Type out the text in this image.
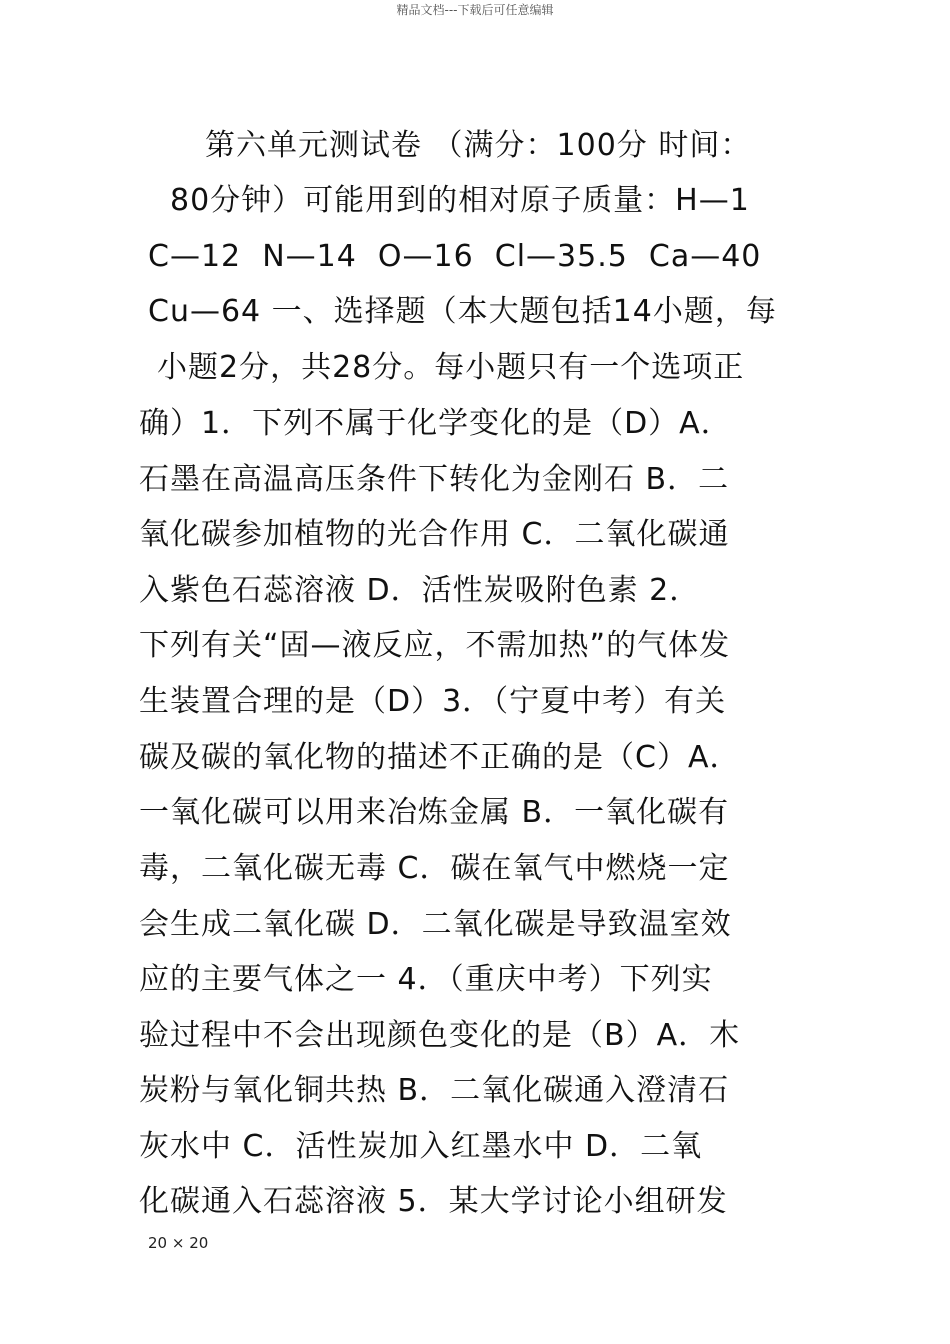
精品文档---下载后可任意编辑
第六单元测试卷 （满分：100分 时间：
80分钟）可能用到的相对原子质量：H—1
C—12  N—14  O—16  Cl—35.5  Ca—40
Cu—64 一、选择题（本大题包括14小题，每
小题2分，共28分。每小题只有一个选项正
确）1．下列不属于化学变化的是（D）A．
石墨在高温高压条件下转化为金刚石 B．二
氧化碳参加植物的光合作用 C．二氧化碳通
入紫色石蕊溶液 D．活性炭吸附色素 2．
下列有关“固—液反应，不需加热”的气体发
生装置合理的是（D）3．（宁夏中考）有关
碳及碳的氧化物的描述不正确的是（C）A．
一氧化碳可以用来冶炼金属 B．一氧化碳有
毒，二氧化碳无毒 C．碳在氧气中燃烧一定
会生成二氧化碳 D．二氧化碳是导致温室效
应的主要气体之一 4．（重庆中考）下列实
验过程中不会出现颜色变化的是（B）A．木
炭粉与氧化铜共热 B．二氧化碳通入澄清石
灰水中 C．活性炭加入红墨水中 D．二氧
化碳通入石蕊溶液 5．某大学讨论小组研发
20 × 20
